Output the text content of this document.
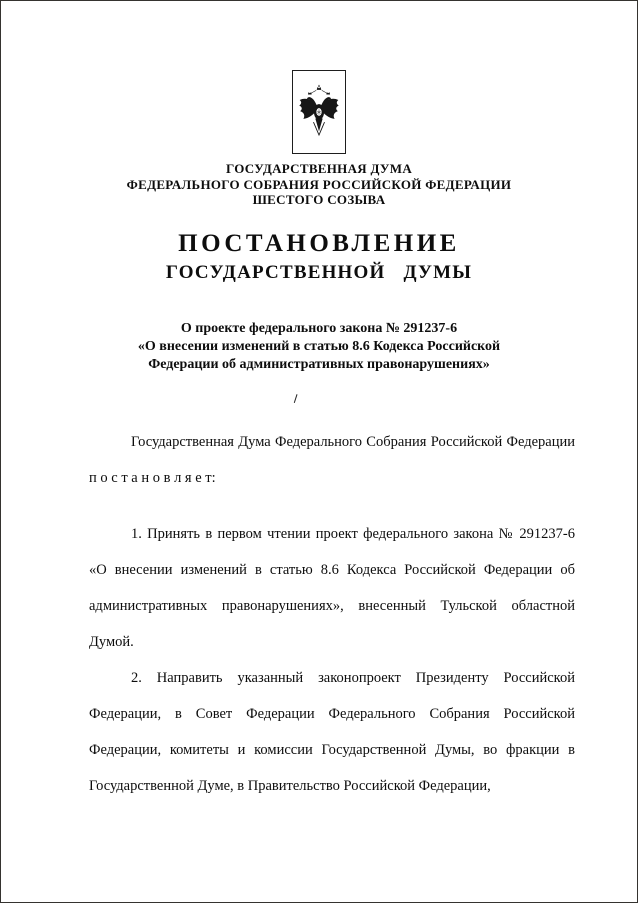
ГОСУДАРСТВЕННАЯ ДУМА
ФЕДЕРАЛЬНОГО СОБРАНИЯ РОССИЙСКОЙ ФЕДЕРАЦИИ
ШЕСТОГО СОЗЫВА
ПОСТАНОВЛЕНИЕ
ГОСУДАРСТВЕННОЙ ДУМЫ
О проекте федерального закона № 291237-6
«О внесении изменений в статью 8.6 Кодекса Российской
Федерации об административных правонарушениях»

Государственная Дума Федерального Собрания Российской Федерации п о с т а н о в л я е т:

1. Принять в первом чтении проект федерального закона № 291237-6 «О внесении изменений в статью 8.6 Кодекса Российской Федерации об административных правонарушениях», внесенный Тульской областной Думой.

2. Направить указанный законопроект Президенту Российской Федерации, в Совет Федерации Федерального Собрания Российской Федерации, комитеты и комиссии Государственной Думы, во фракции в Государственной Думе, в Правительство Российской Федерации,
